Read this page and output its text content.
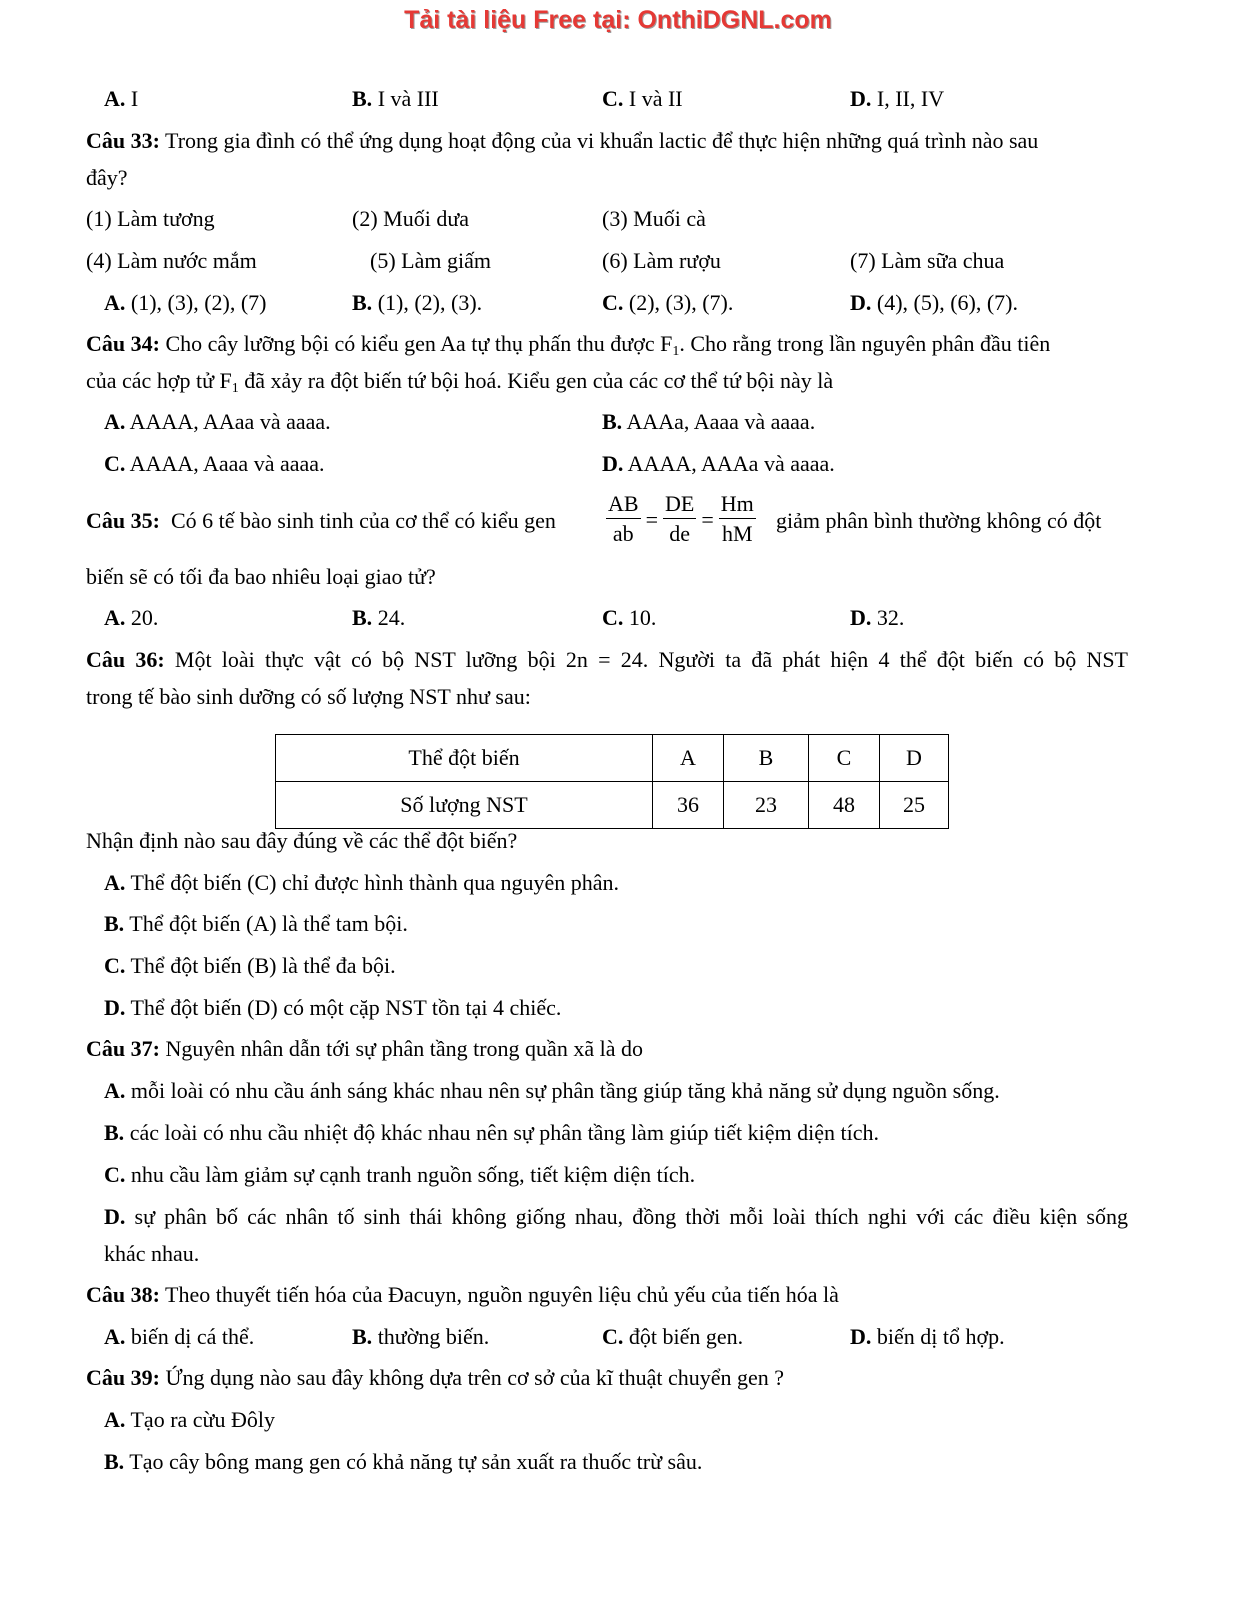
Tải tài liệu Free tại: OnthiDGNL.com
A. I	B. I và III	C. I và II	D. I, II, IV
Câu 33: Trong gia đình có thể ứng dụng hoạt động của vi khuẩn lactic để thực hiện những quá trình nào sau
đây?
(1) Làm tương	(2) Muối dưa	(3) Muối cà
(4) Làm nước mắm	(5) Làm giấm	(6) Làm rượu	(7) Làm sữa chua
A. (1), (3), (2), (7)	B. (1), (2), (3).	C. (2), (3), (7).	D. (4), (5), (6), (7).
Câu 34: Cho cây lưỡng bội có kiểu gen Aa tự thụ phấn thu được $F_1$. Cho rằng trong lần nguyên phân đầu tiên
của các hợp tử $F_1$ đã xảy ra đột biến tứ bội hoá. Kiểu gen của các cơ thể tứ bội này là
A. AAAA, AAaa và aaaa.	B. AAAa, Aaaa và aaaa.
C. AAAA, Aaaa và aaaa.	D. AAAA, AAAa và aaaa.
Câu 35:  Có 6 tế bào sinh tinh của cơ thể có kiểu gen	$\frac{AB}{ab} = \frac{DE}{de} = \frac{Hm}{hM}$ giảm phân bình thường không có đột
biến sẽ có tối đa bao nhiêu loại giao tử?
A. 20.	B. 24.	C. 10.	D. 32.
Câu 36: Một loài thực vật có bộ NST lưỡng bội 2n = 24. Người ta đã phát hiện 4 thể đột biến có bộ NST
trong tế bào sinh dưỡng có số lượng NST như sau:
Thể đột biến	A	B	C	D
Số lượng NST	36	23	48	25
Nhận định nào sau đây đúng về các thể đột biến?
A. Thể đột biến (C) chỉ được hình thành qua nguyên phân.
B. Thể đột biến (A) là thể tam bội.
C. Thể đột biến (B) là thể đa bội.
D. Thể đột biến (D) có một cặp NST tồn tại 4 chiếc.
Câu 37: Nguyên nhân dẫn tới sự phân tầng trong quần xã là do
A. mỗi loài có nhu cầu ánh sáng khác nhau nên sự phân tầng giúp tăng khả năng sử dụng nguồn sống.
B. các loài có nhu cầu nhiệt độ khác nhau nên sự phân tầng làm giúp tiết kiệm diện tích.
C. nhu cầu làm giảm sự cạnh tranh nguồn sống, tiết kiệm diện tích.
D. sự phân bố các nhân tố sinh thái không giống nhau, đồng thời mỗi loài thích nghi với các điều kiện sống
khác nhau.
Câu 38: Theo thuyết tiến hóa của Đacuyn, nguồn nguyên liệu chủ yếu của tiến hóa là
A. biến dị cá thể.	B. thường biến.	C. đột biến gen.	D. biến dị tổ hợp.
Câu 39: Ứng dụng nào sau đây không dựa trên cơ sở của kĩ thuật chuyển gen ?
A. Tạo ra cừu Đôly
B. Tạo cây bông mang gen có khả năng tự sản xuất ra thuốc trừ sâu.
